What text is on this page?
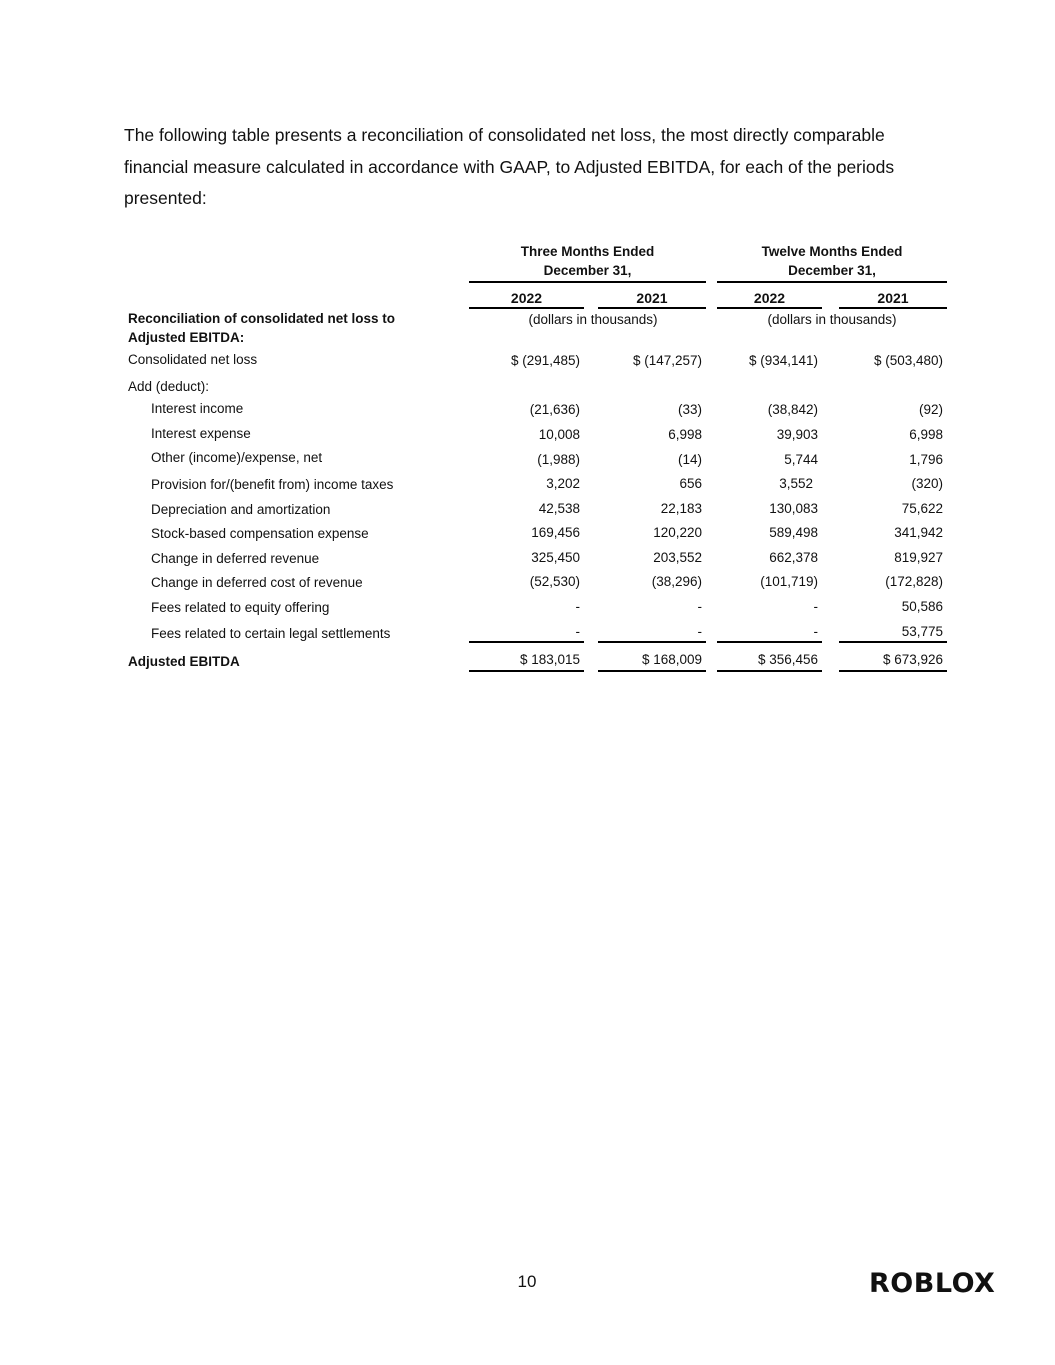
The following table presents a reconciliation of consolidated net loss, the most directly comparable financial measure calculated in accordance with GAAP, to Adjusted EBITDA, for each of the periods presented:

Three Months Ended
December 31,
Twelve Months Ended
December 31,
2022	2021	2022	2021
(dollars in thousands)	(dollars in thousands)
Reconciliation of consolidated net loss to
Adjusted EBITDA:
Consolidated net loss	$ (291,485)	$ (147,257)	$ (934,141)	$ (503,480)
Add (deduct):
Interest income	(21,636)	(33)	(38,842)	(92)
Interest expense	10,008	6,998	39,903	6,998
Other (income)/expense, net	(1,988)	(14)	5,744	1,796
Provision for/(benefit from) income taxes	3,202	656	3,552	(320)
Depreciation and amortization	42,538	22,183	130,083	75,622
Stock-based compensation expense	169,456	120,220	589,498	341,942
Change in deferred revenue	325,450	203,552	662,378	819,927
Change in deferred cost of revenue	(52,530)	(38,296)	(101,719)	(172,828)
Fees related to equity offering	-	-	-	50,586
Fees related to certain legal settlements	-	-	-	53,775
Adjusted EBITDA	$ 183,015	$ 168,009	$ 356,456	$ 673,926
10	ROBLOX
